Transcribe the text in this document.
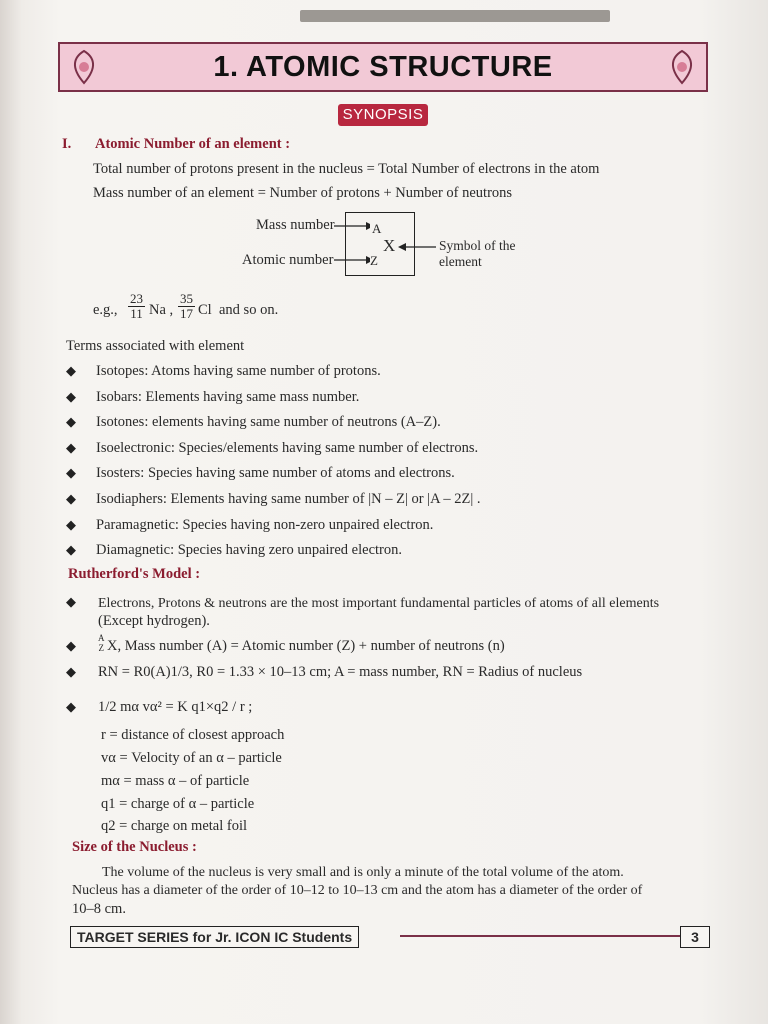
1. ATOMIC STRUCTURE
SYNOPSIS
I. Atomic Number of an element :
Total number of protons present in the nucleus = Total Number of electrons in the atom
Mass number of an element = Number of protons + Number of neutrons
Mass number
Atomic number
A
X
Z
Symbol of the
element
e.g., $\frac{23}{11}$ Na , $\frac{35}{17}$ Cl and so on.
Terms associated with element
◆ Isotopes: Atoms having same number of protons.
◆ Isobars: Elements having same mass number.
◆ Isotones: elements having same number of neutrons (A–Z).
◆ Isoelectronic: Species/elements having same number of electrons.
◆ Isosters: Species having same number of atoms and electrons.
◆ Isodiaphers: Elements having same number of |N – Z| or |A – 2Z| .
◆ Paramagnetic: Species having non-zero unpaired electron.
◆ Diamagnetic: Species having zero unpaired electron.
Rutherford's Model :
◆ Electrons, Protons & neutrons are the most important fundamental particles of atoms of all elements
(Except hydrogen).
◆ A
Z X, Mass number (A) = Atomic number (Z) + number of neutrons (n)
◆ RN = R0(A)1/3, R0 = 1.33 × 10–13 cm; A = mass number, RN = Radius of nucleus
◆ 1/2 mα vα² = K q1×q2 / r ;
r = distance of closest approach
vα = Velocity of an α – particle
mα = mass α – of particle
q1 = charge of α – particle
q2 = charge on metal foil
Size of the Nucleus :
The volume of the nucleus is very small and is only a minute of the total volume of the atom.
Nucleus has a diameter of the order of 10–12 to 10–13 cm and the atom has a diameter of the order of
10–8 cm.
TARGET SERIES for Jr. ICON IC Students	3
